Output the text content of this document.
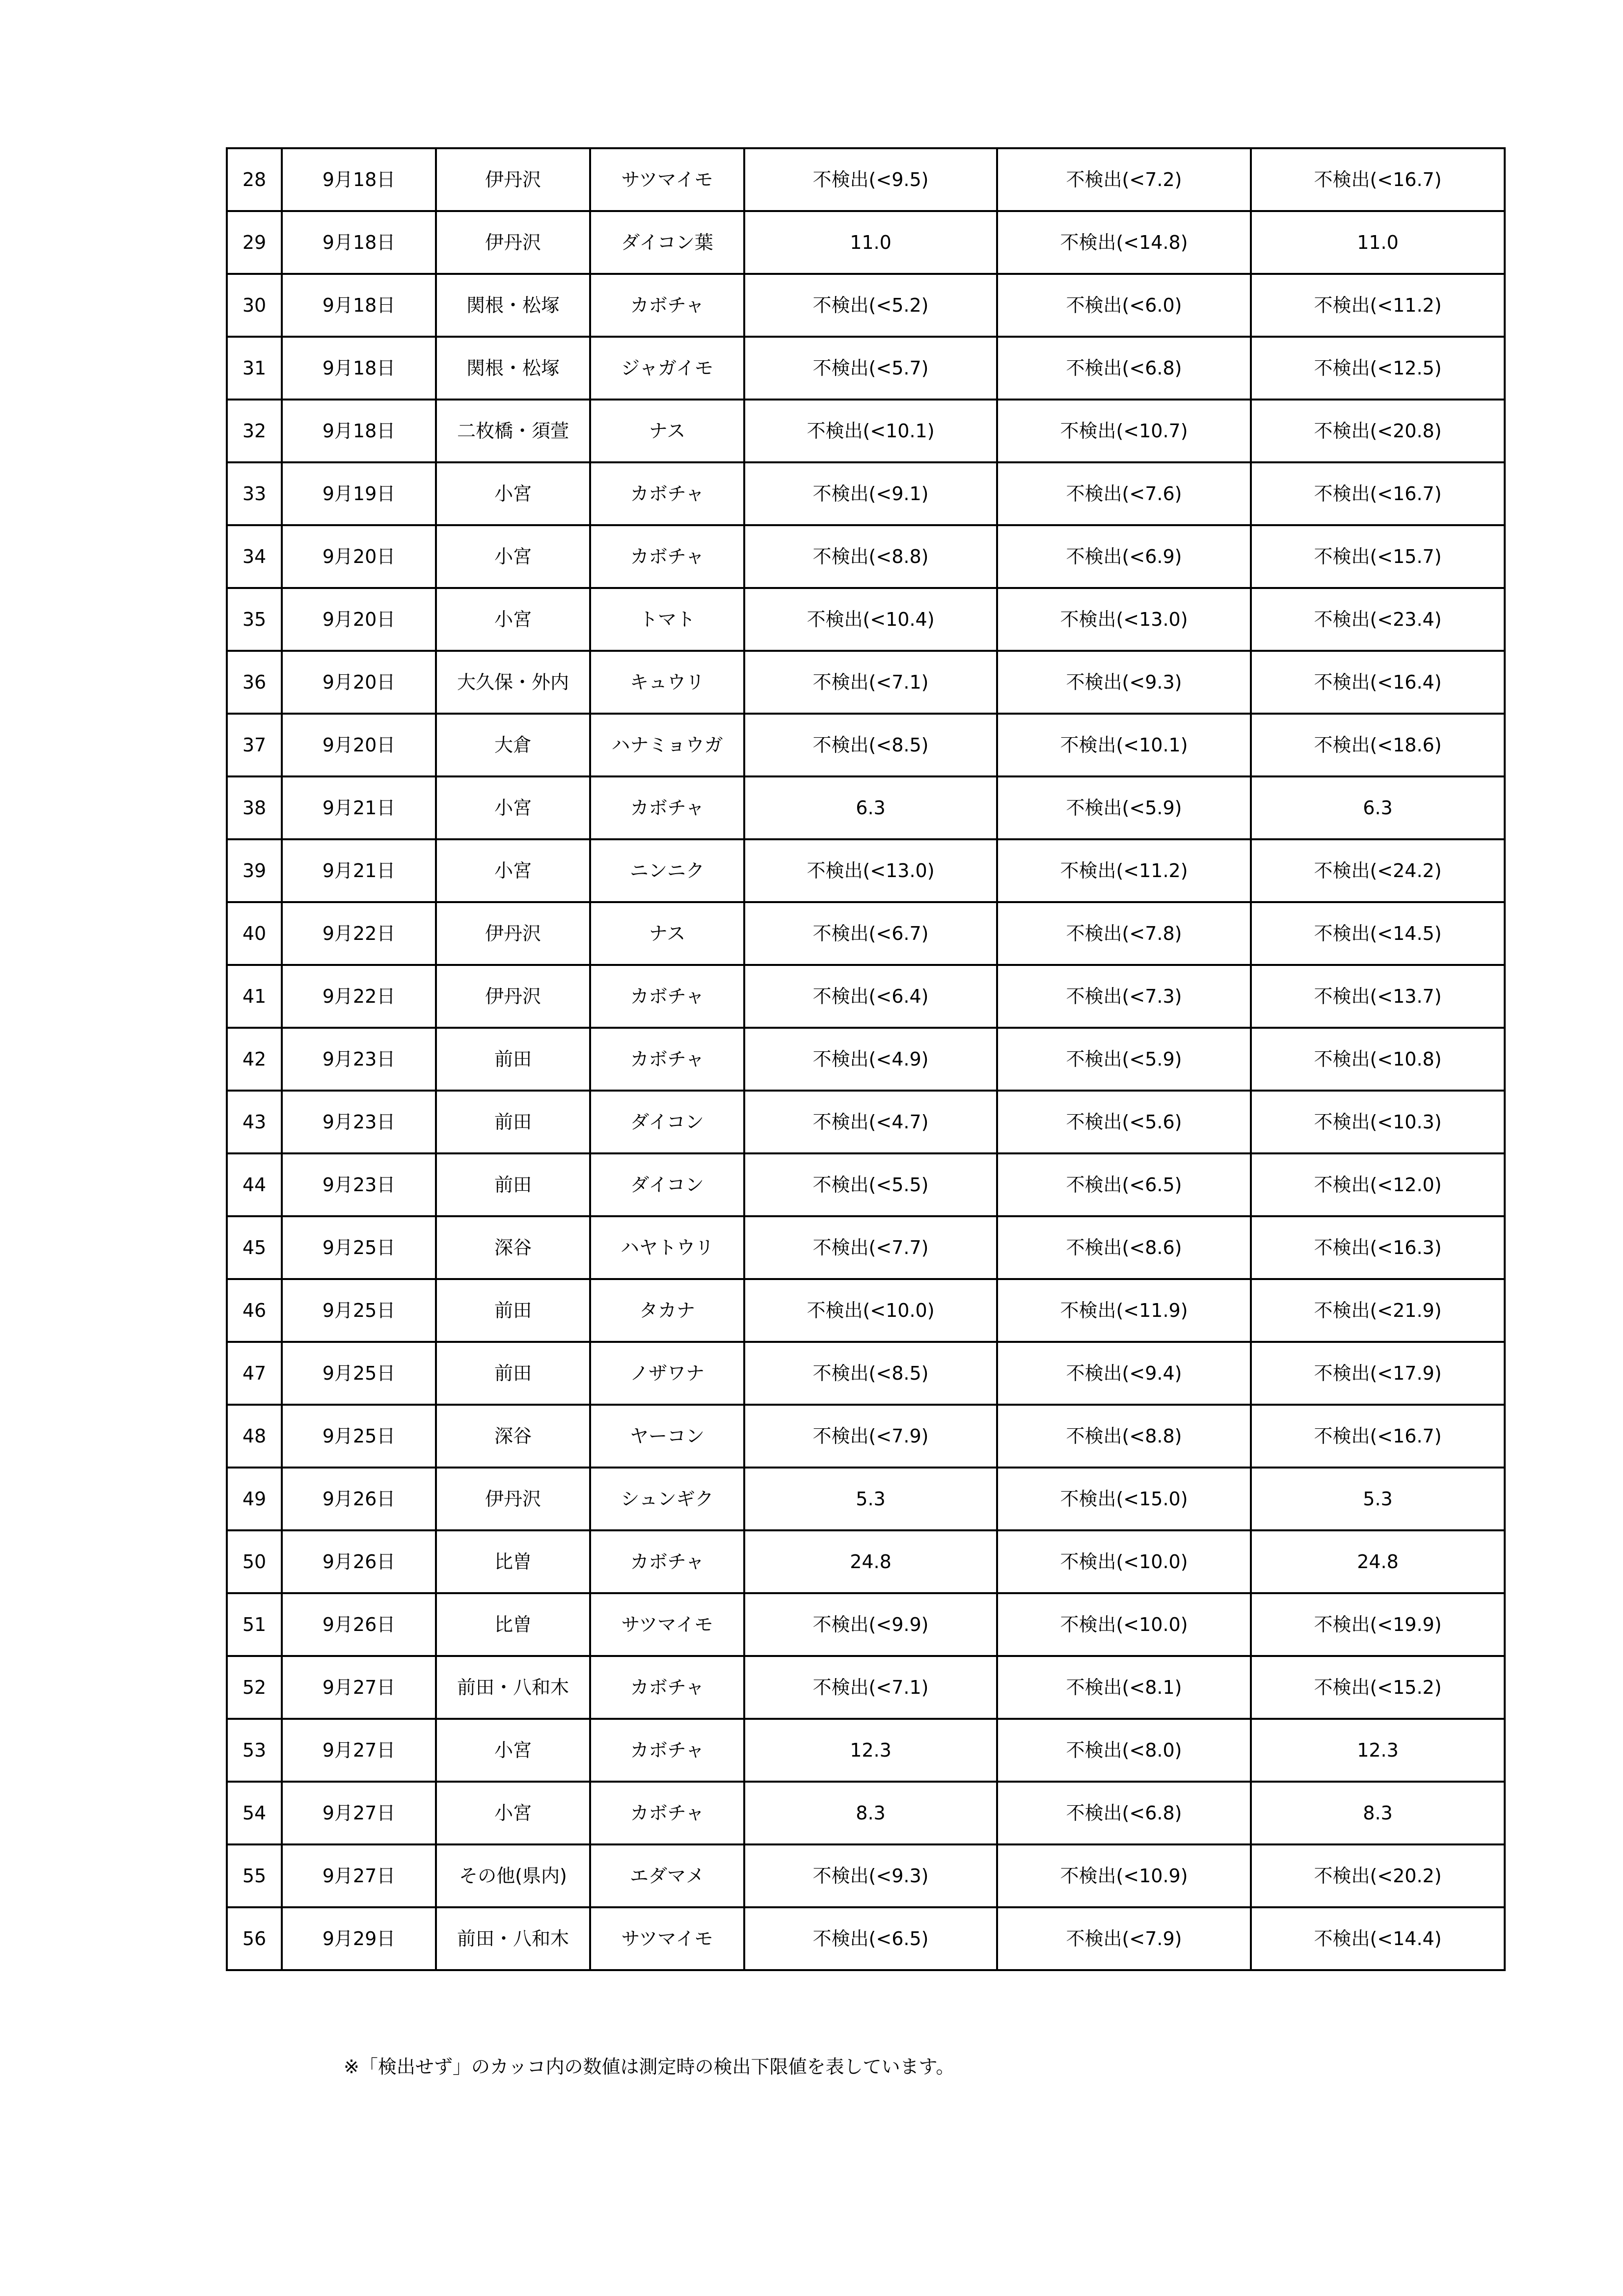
28	9月18日	伊丹沢	サツマイモ	不検出(<9.5)	不検出(<7.2)	不検出(<16.7)
29	9月18日	伊丹沢	ダイコン葉	11.0	不検出(<14.8)	11.0
30	9月18日	関根・松塚	カボチャ	不検出(<5.2)	不検出(<6.0)	不検出(<11.2)
31	9月18日	関根・松塚	ジャガイモ	不検出(<5.7)	不検出(<6.8)	不検出(<12.5)
32	9月18日	二枚橋・須萱	ナス	不検出(<10.1)	不検出(<10.7)	不検出(<20.8)
33	9月19日	小宮	カボチャ	不検出(<9.1)	不検出(<7.6)	不検出(<16.7)
34	9月20日	小宮	カボチャ	不検出(<8.8)	不検出(<6.9)	不検出(<15.7)
35	9月20日	小宮	トマト	不検出(<10.4)	不検出(<13.0)	不検出(<23.4)
36	9月20日	大久保・外内	キュウリ	不検出(<7.1)	不検出(<9.3)	不検出(<16.4)
37	9月20日	大倉	ハナミョウガ	不検出(<8.5)	不検出(<10.1)	不検出(<18.6)
38	9月21日	小宮	カボチャ	6.3	不検出(<5.9)	6.3
39	9月21日	小宮	ニンニク	不検出(<13.0)	不検出(<11.2)	不検出(<24.2)
40	9月22日	伊丹沢	ナス	不検出(<6.7)	不検出(<7.8)	不検出(<14.5)
41	9月22日	伊丹沢	カボチャ	不検出(<6.4)	不検出(<7.3)	不検出(<13.7)
42	9月23日	前田	カボチャ	不検出(<4.9)	不検出(<5.9)	不検出(<10.8)
43	9月23日	前田	ダイコン	不検出(<4.7)	不検出(<5.6)	不検出(<10.3)
44	9月23日	前田	ダイコン	不検出(<5.5)	不検出(<6.5)	不検出(<12.0)
45	9月25日	深谷	ハヤトウリ	不検出(<7.7)	不検出(<8.6)	不検出(<16.3)
46	9月25日	前田	タカナ	不検出(<10.0)	不検出(<11.9)	不検出(<21.9)
47	9月25日	前田	ノザワナ	不検出(<8.5)	不検出(<9.4)	不検出(<17.9)
48	9月25日	深谷	ヤーコン	不検出(<7.9)	不検出(<8.8)	不検出(<16.7)
49	9月26日	伊丹沢	シュンギク	5.3	不検出(<15.0)	5.3
50	9月26日	比曽	カボチャ	24.8	不検出(<10.0)	24.8
51	9月26日	比曽	サツマイモ	不検出(<9.9)	不検出(<10.0)	不検出(<19.9)
52	9月27日	前田・八和木	カボチャ	不検出(<7.1)	不検出(<8.1)	不検出(<15.2)
53	9月27日	小宮	カボチャ	12.3	不検出(<8.0)	12.3
54	9月27日	小宮	カボチャ	8.3	不検出(<6.8)	8.3
55	9月27日	その他(県内)	エダマメ	不検出(<9.3)	不検出(<10.9)	不検出(<20.2)
56	9月29日	前田・八和木	サツマイモ	不検出(<6.5)	不検出(<7.9)	不検出(<14.4)
※「検出せず」のカッコ内の数値は測定時の検出下限値を表しています。
